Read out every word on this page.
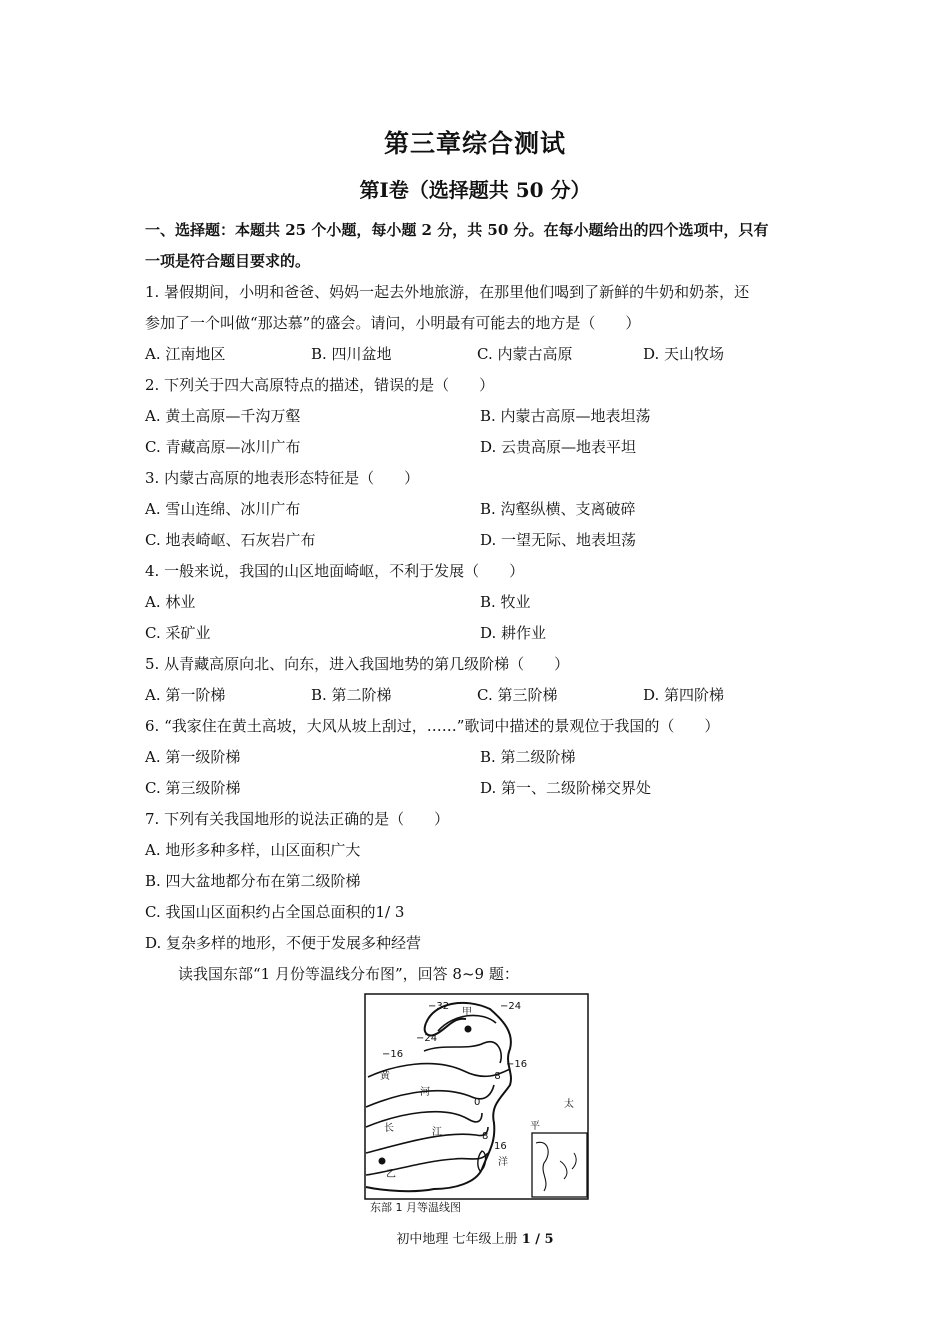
第三章综合测试
第Ⅰ卷（选择题共 50 分）
一、选择题：本题共 25 个小题，每小题 2 分，共 50 分。在每小题给出的四个选项中，只有
一项是符合题目要求的。
1. 暑假期间，小明和爸爸、妈妈一起去外地旅游，在那里他们喝到了新鲜的牛奶和奶茶，还
参加了一个叫做“那达慕”的盛会。请问，小明最有可能去的地方是（　　）
A. 江南地区	B. 四川盆地	C. 内蒙古高原	D. 天山牧场
2. 下列关于四大高原特点的描述，错误的是（　　）
A. 黄土高原—千沟万壑	B. 内蒙古高原—地表坦荡
C. 青藏高原—冰川广布	D. 云贵高原—地表平坦
3. 内蒙古高原的地表形态特征是（　　）
A. 雪山连绵、冰川广布	B. 沟壑纵横、支离破碎
C. 地表崎岖、石灰岩广布	D. 一望无际、地表坦荡
4. 一般来说，我国的山区地面崎岖，不利于发展（　　）
A. 林业	B. 牧业
C. 采矿业	D. 耕作业
5. 从青藏高原向北、向东，进入我国地势的第几级阶梯（　　）
A. 第一阶梯	B. 第二阶梯	C. 第三阶梯	D. 第四阶梯
6. “我家住在黄土高坡，大风从坡上刮过，……”歌词中描述的景观位于我国的（　　）
A. 第一级阶梯	B. 第二级阶梯
C. 第三级阶梯	D. 第一、二级阶梯交界处
7. 下列有关我国地形的说法正确的是（　　）
A. 地形多种多样，山区面积广大
B. 四大盆地都分布在第二级阶梯
C. 我国山区面积约占全国总面积的1/ 3
D. 复杂多样的地形，不便于发展多种经营
读我国东部“1 月份等温线分布图”，回答 8~9 题：
−32	−24
甲
−24
−16
−16
−8
黄
河
0	太
平
长	江	8
16
洋
乙
东部 1 月等温线图
初中地理 七年级上册 1 / 5
